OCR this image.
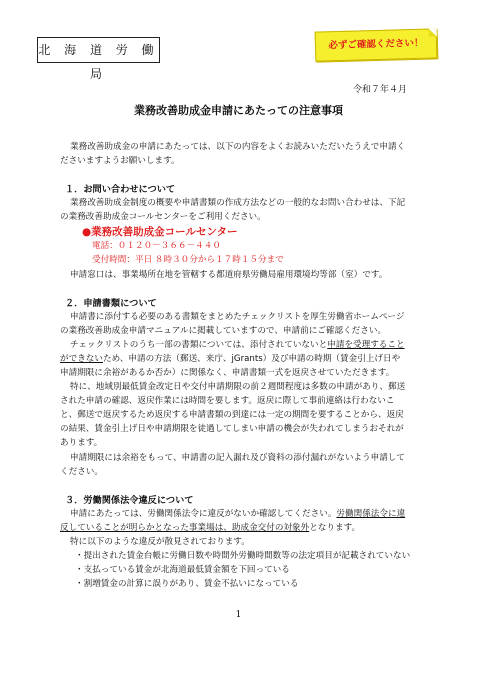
北 海 道 労 働 局
必ずご確認ください！
令和７年４月
業務改善助成金申請にあたっての注意事項
業務改善助成金の申請にあたっては、以下の内容をよくお読みいただいたうえで申請く
ださいますようお願いします。
１．お問い合わせについて
業務改善助成金制度の概要や申請書類の作成方法などの一般的なお問い合わせは、下記
の業務改善助成金コールセンターをご利用ください。
●業務改善助成金コールセンター
電話：０１２０－３６６－４４０
受付時間：平日 ８時３０分から１７時１５分まで
申請窓口は、事業場所在地を管轄する都道府県労働局雇用環境均等部（室）です。
２．申請書類について
申請書に添付する必要のある書類をまとめたチェックリストを厚生労働省ホームページ
の業務改善助成金申請マニュアルに掲載していますので、申請前にご確認ください。
チェックリストのうち一部の書類については、添付されていないと申請を受理すること
ができないため、申請の方法（郵送、来庁、jGrants）及び申請の時期（賃金引上げ日や
申請期限に余裕があるか否か）に関係なく、申請書類一式を返戻させていただきます。
特に、地域別最低賃金改定日や交付申請期限の前２週間程度は多数の申請があり、郵送
された申請の確認、返戻作業には時間を要します。返戻に際して事前連絡は行わないこ
と、郵送で返戻するため返戻する申請書類の到達には一定の期間を要することから、返戻
の結果、賃金引上げ日や申請期限を徒過してしまい申請の機会が失われてしまうおそれが
あります。
申請期限には余裕をもって、申請書の記入漏れ及び資料の添付漏れがないよう申請して
ください。
３．労働関係法令違反について
申請にあたっては、労働関係法令に違反がないか確認してください。労働関係法令に違
反していることが明らかとなった事業場は、助成金交付の対象外となります。
特に以下のような違反が散見されております。
・提出された賃金台帳に労働日数や時間外労働時間数等の法定項目が記載されていない
・支払っている賃金が北海道最低賃金額を下回っている
・割増賃金の計算に誤りがあり、賃金不払いになっている
1
